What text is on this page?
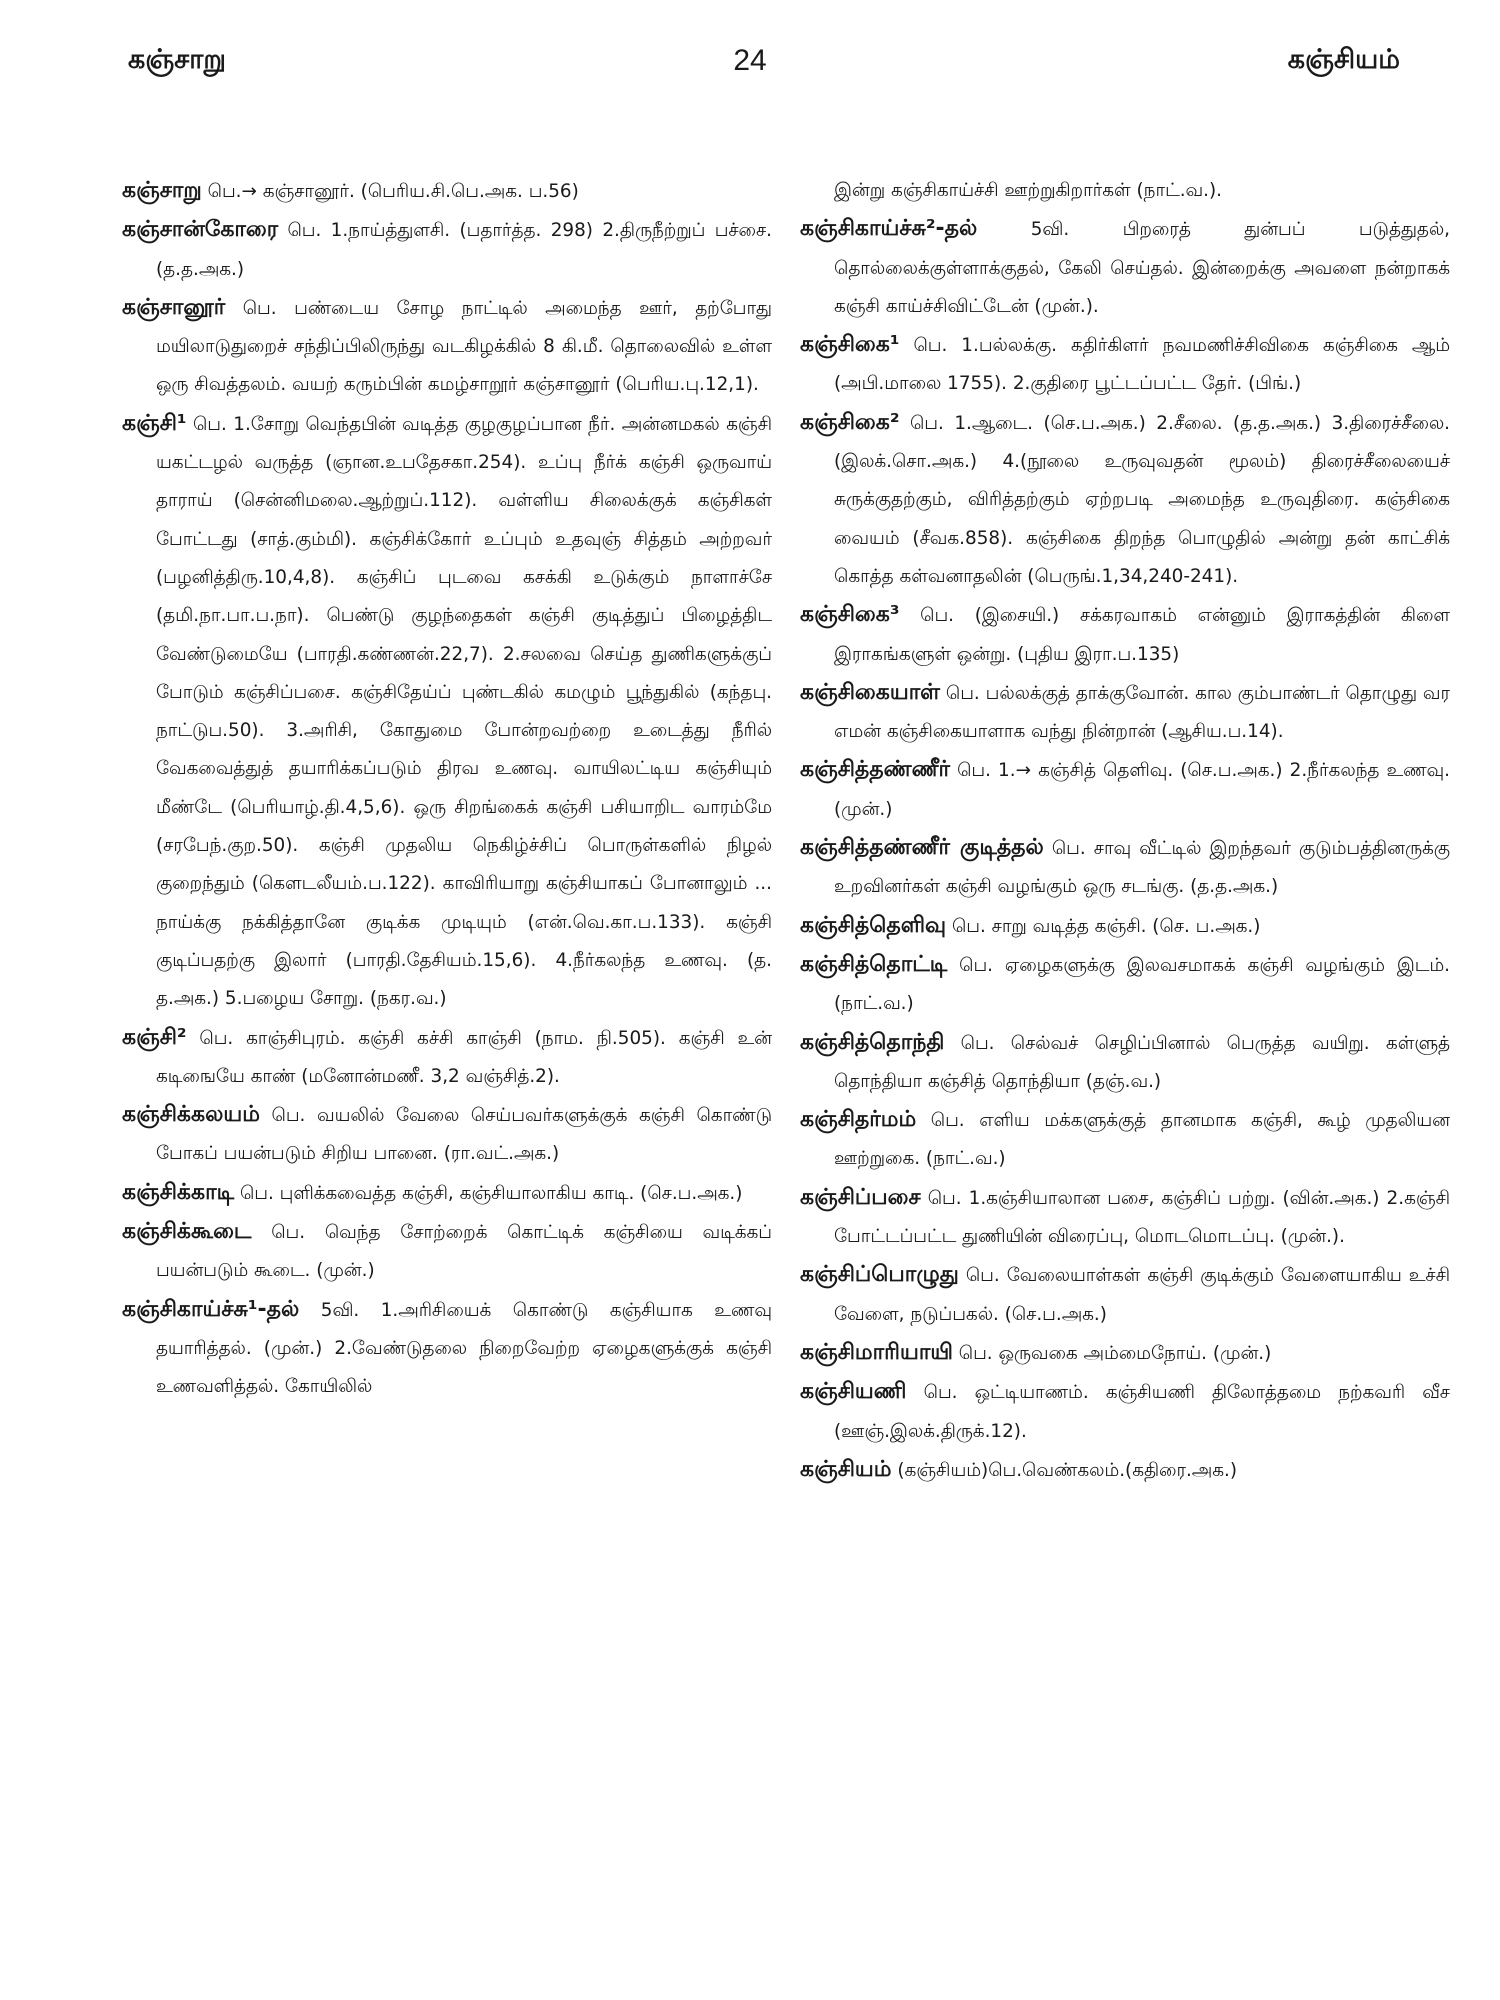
கஞ்சாறு	24	கஞ்சியம்

கஞ்சாறு பெ.→ கஞ்சானூர். (பெரிய.சி.பெ.அக. ப.56)

கஞ்சான்கோரை பெ. 1.நாய்த்துளசி. (பதார்த்த. 298) 2.திருநீற்றுப் பச்சை. (த.த.அக.)

கஞ்சானூர் பெ. பண்டைய சோழ நாட்டில் அமைந்த ஊர், தற்போது மயிலாடுதுறைச் சந்திப்பிலிருந்து வடகிழக்கில் 8 கி.மீ. தொலைவில் உள்ள ஒரு சிவத்தலம். வயற் கரும்பின் கமழ்சாறூர் கஞ்சானூர் (பெரிய.பு.12,1).

கஞ்சி¹ பெ. 1.சோறு வெந்தபின் வடித்த குழகுழப்பான நீர். அன்னமகல் கஞ்சி யகட்டழல் வருத்த (ஞான.உபதேசகா.254). உப்பு நீர்க் கஞ்சி ஒருவாய் தாராய் (சென்னிமலை.ஆற்றுப்.112). வள்ளிய சிலைக்குக் கஞ்சிகள் போட்டது (சாத்.கும்மி). கஞ்சிக்கோர் உப்பும் உதவுஞ் சித்தம் அற்றவர் (பழனித்திரு.10,4,8). கஞ்சிப் புடவை கசக்கி உடுக்கும் நாளாச்சே (தமி.நா.பா.ப.நா). பெண்டு குழந்தைகள் கஞ்சி குடித்துப் பிழைத்திட வேண்டுமையே (பாரதி.கண்ணன்.22,7). 2.சலவை செய்த துணிகளுக்குப் போடும் கஞ்சிப்பசை. கஞ்சிதேய்ப் புண்டகில் கமழும் பூந்துகில் (கந்தபு. நாட்டுப.50). 3.அரிசி, கோதுமை போன்றவற்றை உடைத்து நீரில் வேகவைத்துத் தயாரிக்கப்படும் திரவ உணவு. வாயிலட்டிய கஞ்சியும் மீண்டே (பெரியாழ்.தி.4,5,6). ஒரு சிறங்கைக் கஞ்சி பசியாறிட வாரம்மே (சரபேந்.குற.50). கஞ்சி முதலிய நெகிழ்ச்சிப் பொருள்களில் நிழல் குறைந்தும் (கௌடலீயம்.ப.122). காவிரியாறு கஞ்சியாகப் போனாலும் ... நாய்க்கு நக்கித்தானே குடிக்க முடியும் (என்.வெ.கா.ப.133). கஞ்சி குடிப்பதற்கு இலார் (பாரதி.தேசியம்.15,6). 4.நீர்கலந்த உணவு. (த. த.அக.) 5.பழைய சோறு. (நகர.வ.)

கஞ்சி² பெ. காஞ்சிபுரம். கஞ்சி கச்சி காஞ்சி (நாம. நி.505). கஞ்சி உன் கடிஙையே காண் (மனோன்மணீ. 3,2 வஞ்சித்.2).

கஞ்சிக்கலயம் பெ. வயலில் வேலை செய்பவர்களுக்குக் கஞ்சி கொண்டு போகப் பயன்படும் சிறிய பானை. (ரா.வட்.அக.)

கஞ்சிக்காடி பெ. புளிக்கவைத்த கஞ்சி, கஞ்சியாலாகிய காடி. (செ.ப.அக.)

கஞ்சிக்கூடை பெ. வெந்த சோற்றைக் கொட்டிக் கஞ்சியை வடிக்கப் பயன்படும் கூடை. (முன்.)

கஞ்சிகாய்ச்சு¹-தல் 5வி. 1.அரிசியைக் கொண்டு கஞ்சியாக உணவு தயாரித்தல். (முன்.) 2.வேண்டுதலை நிறைவேற்ற ஏழைகளுக்குக் கஞ்சி உணவளித்தல். கோயிலில்

இன்று கஞ்சிகாய்ச்சி ஊற்றுகிறார்கள் (நாட்.வ.).

கஞ்சிகாய்ச்சு²-தல் 5வி. பிறரைத் துன்பப் படுத்துதல், தொல்லைக்குள்ளாக்குதல், கேலி செய்தல். இன்றைக்கு அவளை நன்றாகக் கஞ்சி காய்ச்சிவிட்டேன் (முன்.).

கஞ்சிகை¹ பெ. 1.பல்லக்கு. கதிர்கிளர் நவமணிச்சிவிகை கஞ்சிகை ஆம் (அபி.மாலை 1755). 2.குதிரை பூட்டப்பட்ட தேர். (பிங்.)

கஞ்சிகை² பெ. 1.ஆடை. (செ.ப.அக.) 2.சீலை. (த.த.அக.) 3.திரைச்சீலை. (இலக்.சொ.அக.) 4.(நூலை உருவுவதன் மூலம்) திரைச்சீலையைச் சுருக்குதற்கும், விரித்தற்கும் ஏற்றபடி அமைந்த உருவுதிரை. கஞ்சிகை வையம் (சீவக.858). கஞ்சிகை திறந்த பொழுதில் அன்று தன் காட்சிக் கொத்த கள்வனாதலின் (பெருங்.1,34,240-241).

கஞ்சிகை³ பெ. (இசையி.) சக்கரவாகம் என்னும் இராகத்தின் கிளை இராகங்களுள் ஒன்று. (புதிய இரா.ப.135)

கஞ்சிகையாள் பெ. பல்லக்குத் தாக்குவோன். கால கும்பாண்டர் தொழுது வர எமன் கஞ்சிகையாளாக வந்து நின்றான் (ஆசிய.ப.14).

கஞ்சித்தண்ணீர் பெ. 1.→ கஞ்சித் தெளிவு. (செ.ப.அக.) 2.நீர்கலந்த உணவு. (முன்.)

கஞ்சித்தண்ணீர் குடித்தல் பெ. சாவு வீட்டில் இறந்தவர் குடும்பத்தினருக்கு உறவினர்கள் கஞ்சி வழங்கும் ஒரு சடங்கு. (த.த.அக.)

கஞ்சித்தெளிவு பெ. சாறு வடித்த கஞ்சி. (செ. ப.அக.)

கஞ்சித்தொட்டி பெ. ஏழைகளுக்கு இலவசமாகக் கஞ்சி வழங்கும் இடம். (நாட்.வ.)

கஞ்சித்தொந்தி பெ. செல்வச் செழிப்பினால் பெருத்த வயிறு. கள்ளுத் தொந்தியா கஞ்சித் தொந்தியா (தஞ்.வ.)

கஞ்சிதர்மம் பெ. எளிய மக்களுக்குத் தானமாக கஞ்சி, கூழ் முதலியன ஊற்றுகை. (நாட்.வ.)

கஞ்சிப்பசை பெ. 1.கஞ்சியாலான பசை, கஞ்சிப் பற்று. (வின்.அக.) 2.கஞ்சி போட்டப்பட்ட துணியின் விரைப்பு, மொடமொடப்பு. (முன்.).

கஞ்சிப்பொழுது பெ. வேலையாள்கள் கஞ்சி குடிக்கும் வேளையாகிய உச்சி வேளை, நடுப்பகல். (செ.ப.அக.)

கஞ்சிமாரியாயி பெ. ஒருவகை அம்மைநோய். (முன்.)

கஞ்சியணி பெ. ஒட்டியாணம். கஞ்சியணி திலோத்தமை நற்கவரி வீச (ஊஞ்.இலக்.திருக்.12).

கஞ்சியம் (கஞ்சியம்)பெ.வெண்கலம்.(கதிரை.அக.)
